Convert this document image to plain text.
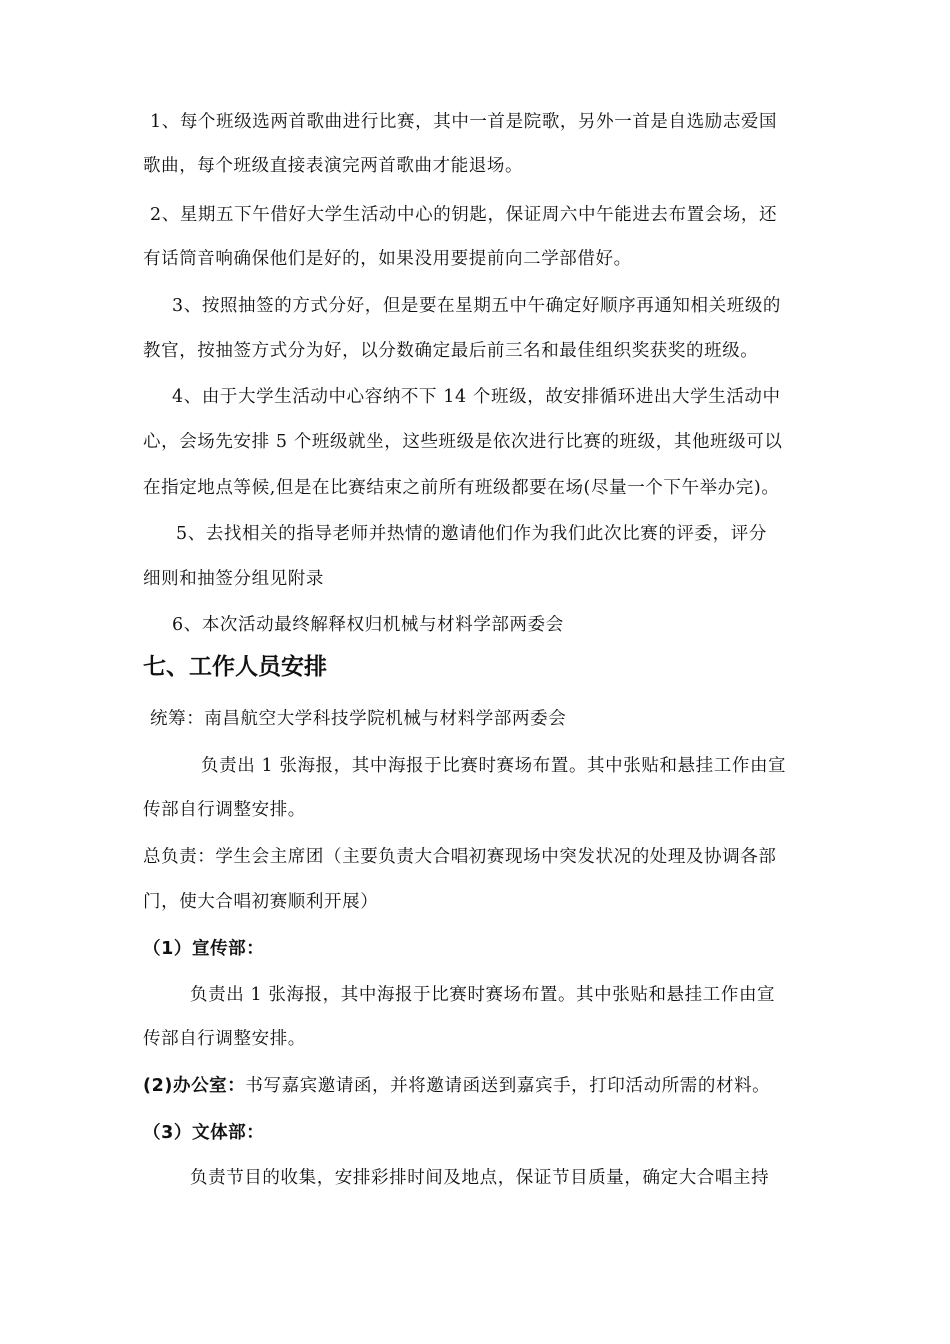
1、每个班级选两首歌曲进行比赛，其中一首是院歌，另外一首是自选励志爱国
歌曲，每个班级直接表演完两首歌曲才能退场。
2、星期五下午借好大学生活动中心的钥匙，保证周六中午能进去布置会场，还
有话筒音响确保他们是好的，如果没用要提前向二学部借好。
3、按照抽签的方式分好，但是要在星期五中午确定好顺序再通知相关班级的
教官，按抽签方式分为好，以分数确定最后前三名和最佳组织奖获奖的班级。
4、由于大学生活动中心容纳不下 14 个班级，故安排循环进出大学生活动中
心，会场先安排 5 个班级就坐，这些班级是依次进行比赛的班级，其他班级可以
在指定地点等候,但是在比赛结束之前所有班级都要在场(尽量一个下午举办完)。
5、去找相关的指导老师并热情的邀请他们作为我们此次比赛的评委，评分
细则和抽签分组见附录
6、本次活动最终解释权归机械与材料学部两委会
七、工作人员安排
统筹：南昌航空大学科技学院机械与材料学部两委会
负责出 1 张海报，其中海报于比赛时赛场布置。其中张贴和悬挂工作由宣
传部自行调整安排。
总负责：学生会主席团（主要负责大合唱初赛现场中突发状况的处理及协调各部
门，使大合唱初赛顺利开展）
（1）宣传部：
负责出 1 张海报，其中海报于比赛时赛场布置。其中张贴和悬挂工作由宣
传部自行调整安排。
(2)办公室：书写嘉宾邀请函，并将邀请函送到嘉宾手，打印活动所需的材料。
（3）文体部：
负责节目的收集，安排彩排时间及地点，保证节目质量，确定大合唱主持
